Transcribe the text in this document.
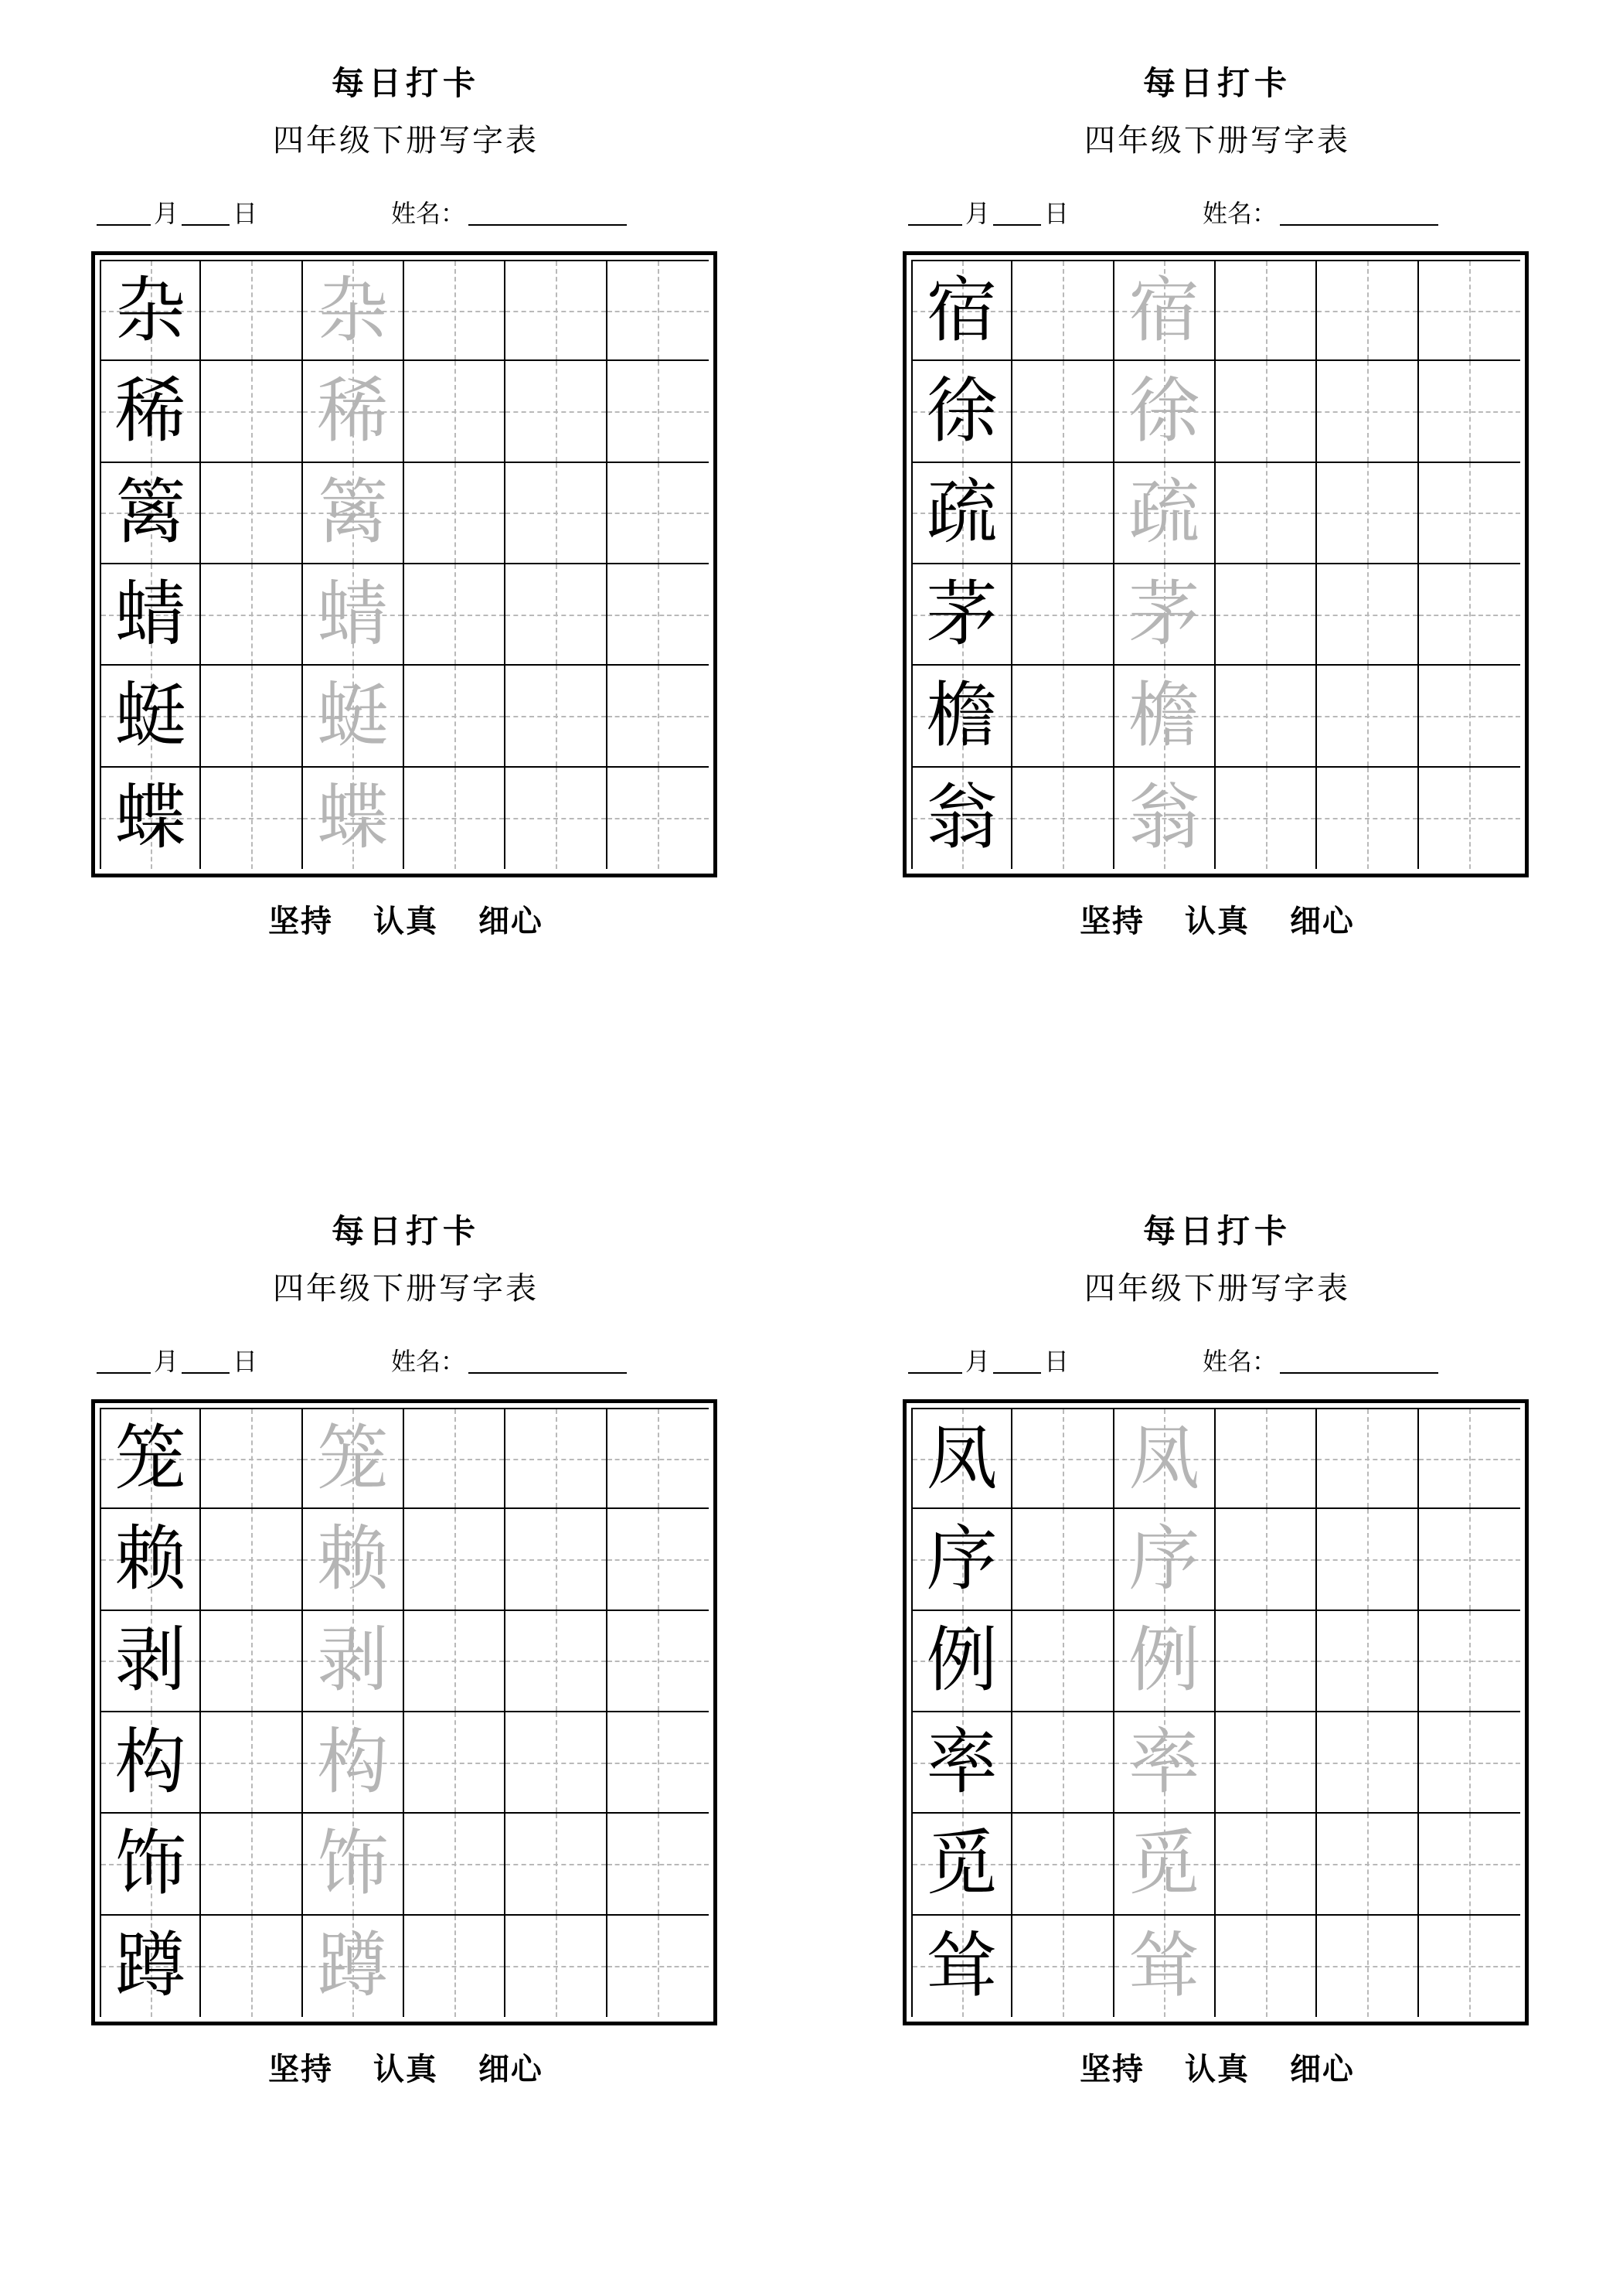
每日打卡
四年级下册写字表
月 日	姓名：
杂 杂
稀 稀
篱 篱
蜻 蜻
蜓 蜓
蝶 蝶
坚持 认真 细心
每日打卡
四年级下册写字表
月 日	姓名：
宿 宿
徐 徐
疏 疏
茅 茅
檐 檐
翁 翁
坚持 认真 细心
每日打卡
四年级下册写字表
月 日	姓名：
笼 笼
赖 赖
剥 剥
构 构
饰 饰
蹲 蹲
坚持 认真 细心
每日打卡
四年级下册写字表
月 日	姓名：
凤 凤
序 序
例 例
率 率
觅 觅
耸 耸
坚持 认真 细心
